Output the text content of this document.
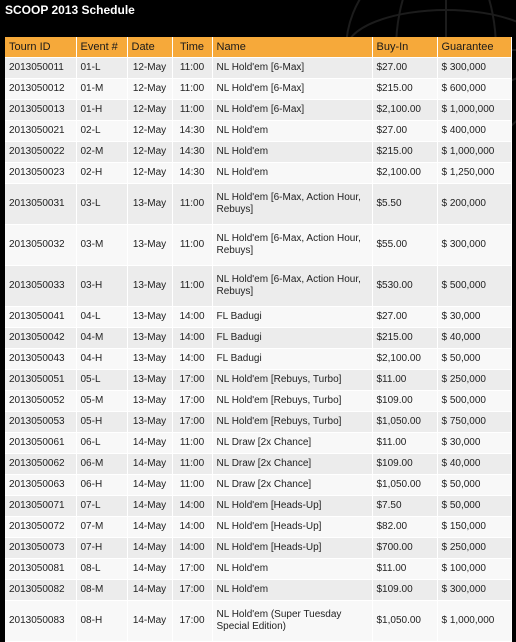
SCOOP 2013 Schedule
Tourn ID	Event #	Date	Time	Name	Buy-In	Guarantee
2013050011	01-L	12-May	11:00	NL Hold'em [6-Max]	$27.00	$ 300,000
2013050012	01-M	12-May	11:00	NL Hold'em [6-Max]	$215.00	$ 600,000
2013050013	01-H	12-May	11:00	NL Hold'em [6-Max]	$2,100.00	$ 1,000,000
2013050021	02-L	12-May	14:30	NL Hold'em	$27.00	$ 400,000
2013050022	02-M	12-May	14:30	NL Hold'em	$215.00	$ 1,000,000
2013050023	02-H	12-May	14:30	NL Hold'em	$2,100.00	$ 1,250,000
2013050031	03-L	13-May	11:00	NL Hold'em [6-Max, Action Hour, Rebuys]	$5.50	$ 200,000
2013050032	03-M	13-May	11:00	NL Hold'em [6-Max, Action Hour, Rebuys]	$55.00	$ 300,000
2013050033	03-H	13-May	11:00	NL Hold'em [6-Max, Action Hour, Rebuys]	$530.00	$ 500,000
2013050041	04-L	13-May	14:00	FL Badugi	$27.00	$ 30,000
2013050042	04-M	13-May	14:00	FL Badugi	$215.00	$ 40,000
2013050043	04-H	13-May	14:00	FL Badugi	$2,100.00	$ 50,000
2013050051	05-L	13-May	17:00	NL Hold'em [Rebuys, Turbo]	$11.00	$ 250,000
2013050052	05-M	13-May	17:00	NL Hold'em [Rebuys, Turbo]	$109.00	$ 500,000
2013050053	05-H	13-May	17:00	NL Hold'em [Rebuys, Turbo]	$1,050.00	$ 750,000
2013050061	06-L	14-May	11:00	NL Draw [2x Chance]	$11.00	$ 30,000
2013050062	06-M	14-May	11:00	NL Draw [2x Chance]	$109.00	$ 40,000
2013050063	06-H	14-May	11:00	NL Draw [2x Chance]	$1,050.00	$ 50,000
2013050071	07-L	14-May	14:00	NL Hold'em [Heads-Up]	$7.50	$ 50,000
2013050072	07-M	14-May	14:00	NL Hold'em [Heads-Up]	$82.00	$ 150,000
2013050073	07-H	14-May	14:00	NL Hold'em [Heads-Up]	$700.00	$ 250,000
2013050081	08-L	14-May	17:00	NL Hold'em	$11.00	$ 100,000
2013050082	08-M	14-May	17:00	NL Hold'em	$109.00	$ 300,000
2013050083	08-H	14-May	17:00	NL Hold'em (Super Tuesday Special Edition)	$1,050.00	$ 1,000,000
